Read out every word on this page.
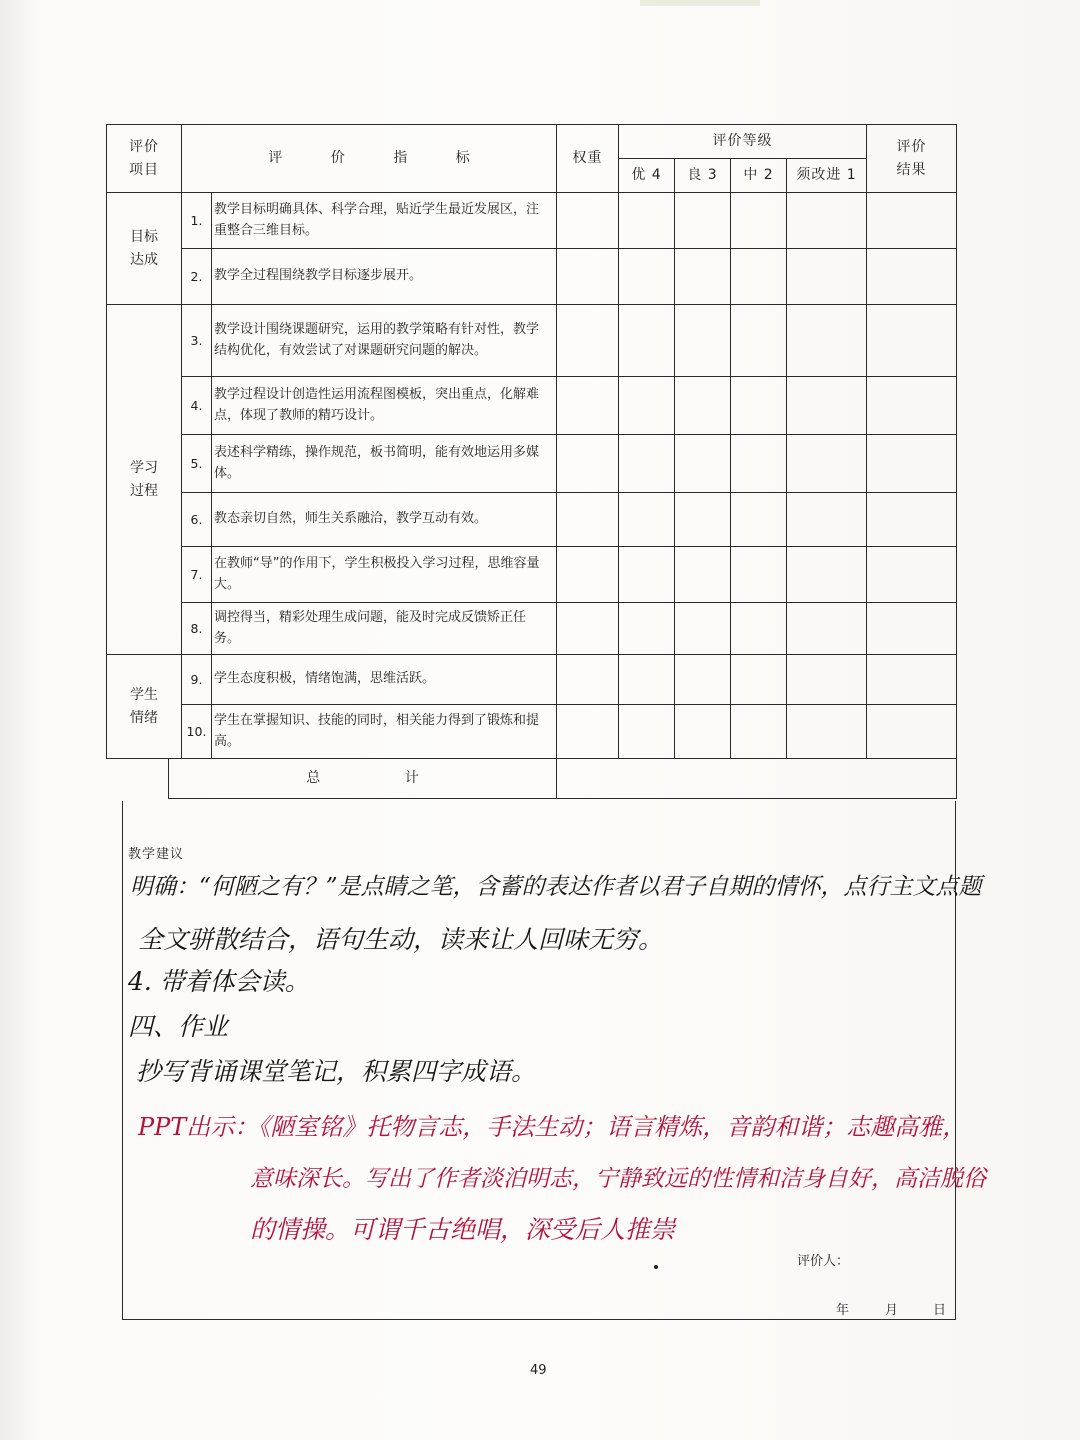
评价
项目		评 价 指 标		权重	评价等级				评价
结果
					优 4	良 3	中 2	须改进 1	
目标
达成		1.	教学目标明确具体、科学合理，贴近学生最近发展区，注重整合三维目标。						
		2.	教学全过程围绕教学目标逐步展开。						
学习
过程		3.	教学设计围绕课题研究，运用的教学策略有针对性，教学结构优化，有效尝试了对课题研究问题的解决。						
		4.	教学过程设计创造性运用流程图模板，突出重点，化解难点，体现了教师的精巧设计。						
		5.	表述科学精练，操作规范，板书简明，能有效地运用多媒体。						
		6.	教态亲切自然，师生关系融洽，教学互动有效。						
		7.	在教师“导”的作用下，学生积极投入学习过程，思维容量大。						
		8.	调控得当，精彩处理生成问题，能及时完成反馈矫正任务。						
学生
情绪		9.	学生态度积极，情绪饱满，思维活跃。						
		10.	学生在掌握知识、技能的同时，相关能力得到了锻炼和提高。						
	总 计								
教学建议
明确：“何陋之有？”是点睛之笔，含蓄的表达作者以君子自期的情怀，点行主文点题
全文骈散结合，语句生动，读来让人回味无穷。
4. 带着体会读。
四、作业
抄写背诵课堂笔记，积累四字成语。
PPT出示：《陋室铭》托物言志，手法生动；语言精炼，音韵和谐；志趣高雅，
意味深长。写出了作者淡泊明志，宁静致远的性情和洁身自好，高洁脱俗
的情操。可谓千古绝唱，深受后人推崇
评价人：
年	月	日
49
